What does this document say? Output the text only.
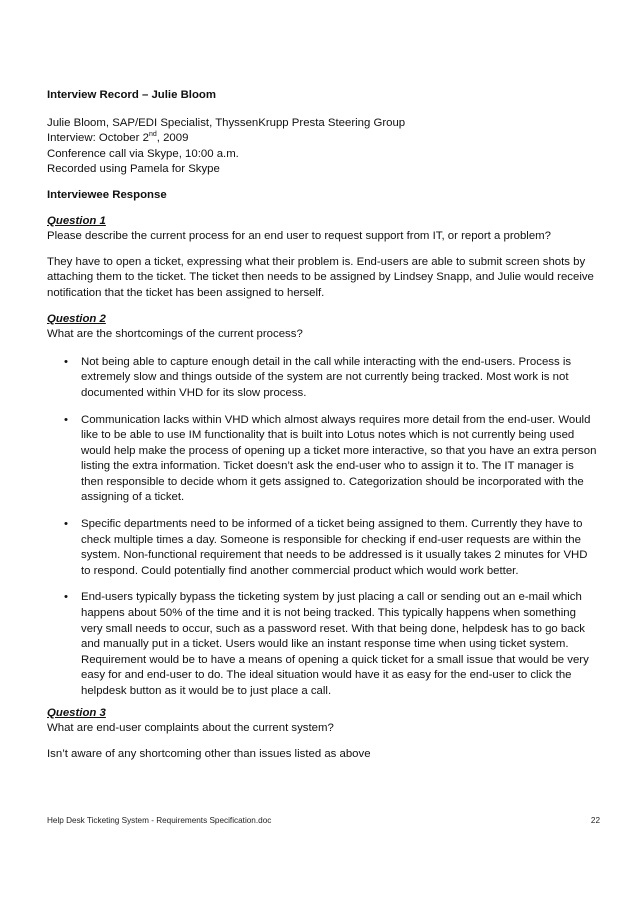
Interview Record – Julie Bloom

Julie Bloom, SAP/EDI Specialist, ThyssenKrupp Presta Steering Group

Interview: October 2nd, 2009

Conference call via Skype, 10:00 a.m.

Recorded using Pamela for Skype

Interviewee Response

Question 1

Please describe the current process for an end user to request support from IT, or report a problem?

They have to open a ticket, expressing what their problem is. End-users are able to submit screen shots by attaching them to the ticket. The ticket then needs to be assigned by Lindsey Snapp, and Julie would receive notification that the ticket has been assigned to herself.

Question 2

What are the shortcomings of the current process?

• Not being able to capture enough detail in the call while interacting with the end-users. Process is extremely slow and things outside of the system are not currently being tracked. Most work is not documented within VHD for its slow process.
• Communication lacks within VHD which almost always requires more detail from the end-user. Would like to be able to use IM functionality that is built into Lotus notes which is not currently being used would help make the process of opening up a ticket more interactive, so that you have an extra person listing the extra information. Ticket doesn’t ask the end-user who to assign it to. The IT manager is then responsible to decide whom it gets assigned to. Categorization should be incorporated with the assigning of a ticket.
• Specific departments need to be informed of a ticket being assigned to them. Currently they have to check multiple times a day. Someone is responsible for checking if end-user requests are within the system. Non-functional requirement that needs to be addressed is it usually takes 2 minutes for VHD to respond. Could potentially find another commercial product which would work better.
• End-users typically bypass the ticketing system by just placing a call or sending out an e-mail which happens about 50% of the time and it is not being tracked. This typically happens when something very small needs to occur, such as a password reset. With that being done, helpdesk has to go back and manually put in a ticket. Users would like an instant response time when using ticket system. Requirement would be to have a means of opening a quick ticket for a small issue that would be very easy for and end-user to do. The ideal situation would have it as easy for the end-user to click the helpdesk button as it would be to just place a call.

Question 3

What are end-user complaints about the current system?

Isn’t aware of any shortcoming other than issues listed as above

Help Desk Ticketing System - Requirements Specification.doc	22
